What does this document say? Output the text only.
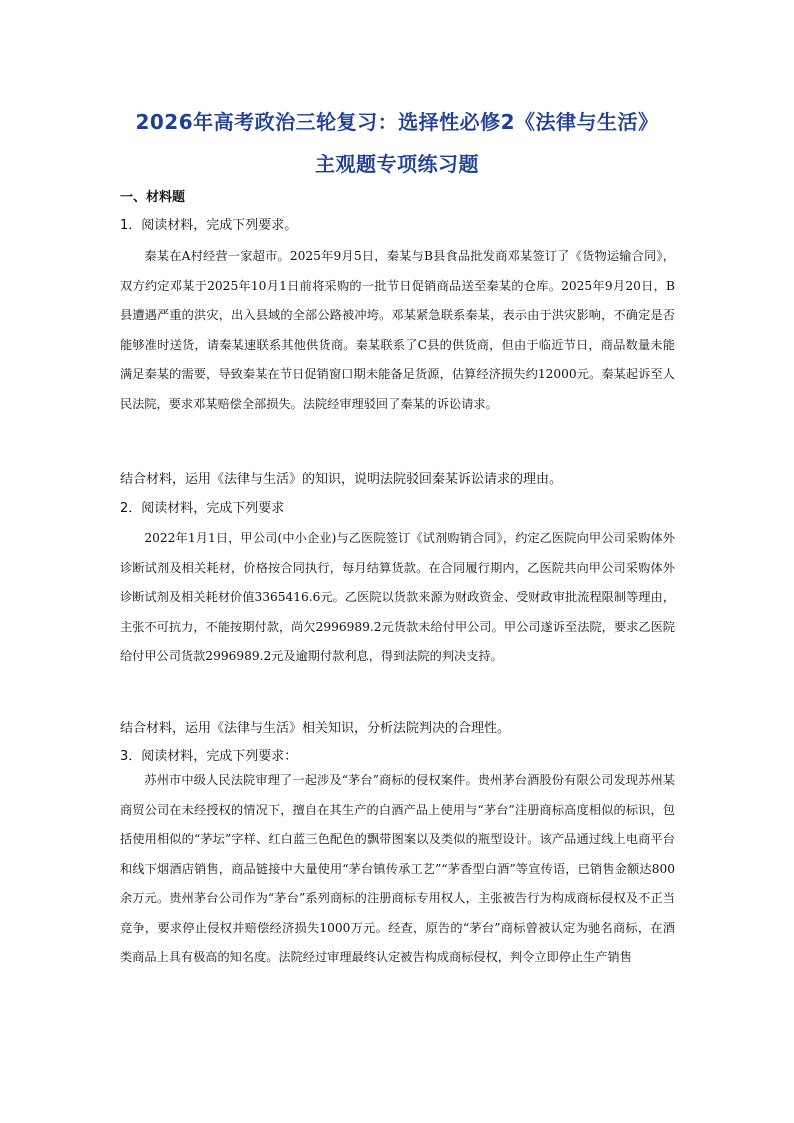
2026年高考政治三轮复习：选择性必修2《法律与生活》
主观题专项练习题
一、材料题
1．阅读材料，完成下列要求。

秦某在A村经营一家超市。2025年9月5日，秦某与B县食品批发商邓某签订了《货物运输合同》，双方约定邓某于2025年10月1日前将采购的一批节日促销商品送至秦某的仓库。2025年9月20日，B县遭遇严重的洪灾，出入县域的全部公路被冲垮。邓某紧急联系秦某，表示由于洪灾影响，不确定是否能够准时送货，请秦某速联系其他供货商。秦某联系了C县的供货商，但由于临近节日，商品数量未能满足秦某的需要，导致秦某在节日促销窗口期未能备足货源，估算经济损失约12000元。秦某起诉至人民法院，要求邓某赔偿全部损失。法院经审理驳回了秦某的诉讼请求。

结合材料，运用《法律与生活》的知识，说明法院驳回秦某诉讼请求的理由。
2．阅读材料，完成下列要求

2022年1月1日，甲公司(中小企业)与乙医院签订《试剂购销合同》，约定乙医院向甲公司采购体外诊断试剂及相关耗材，价格按合同执行，每月结算货款。在合同履行期内，乙医院共向甲公司采购体外诊断试剂及相关耗材价值3365416.6元。乙医院以货款来源为财政资金、受财政审批流程限制等理由，主张不可抗力，不能按期付款，尚欠2996989.2元货款未给付甲公司。甲公司遂诉至法院，要求乙医院给付甲公司货款2996989.2元及逾期付款利息，得到法院的判决支持。

结合材料，运用《法律与生活》相关知识，分析法院判决的合理性。
3．阅读材料，完成下列要求：

苏州市中级人民法院审理了一起涉及“茅台”商标的侵权案件。贵州茅台酒股份有限公司发现苏州某商贸公司在未经授权的情况下，擅自在其生产的白酒产品上使用与“茅台”注册商标高度相似的标识，包括使用相似的“茅坛”字样、红白蓝三色配色的飘带图案以及类似的瓶型设计。该产品通过线上电商平台和线下烟酒店销售，商品链接中大量使用“茅台镇传承工艺”“茅香型白酒”等宣传语，已销售金额达800余万元。贵州茅台公司作为“茅台”系列商标的注册商标专用权人，主张被告行为构成商标侵权及不正当竞争，要求停止侵权并赔偿经济损失1000万元。经查，原告的“茅台”商标曾被认定为驰名商标，在酒类商品上具有极高的知名度。法院经过审理最终认定被告构成商标侵权，判令立即停止生产销售
